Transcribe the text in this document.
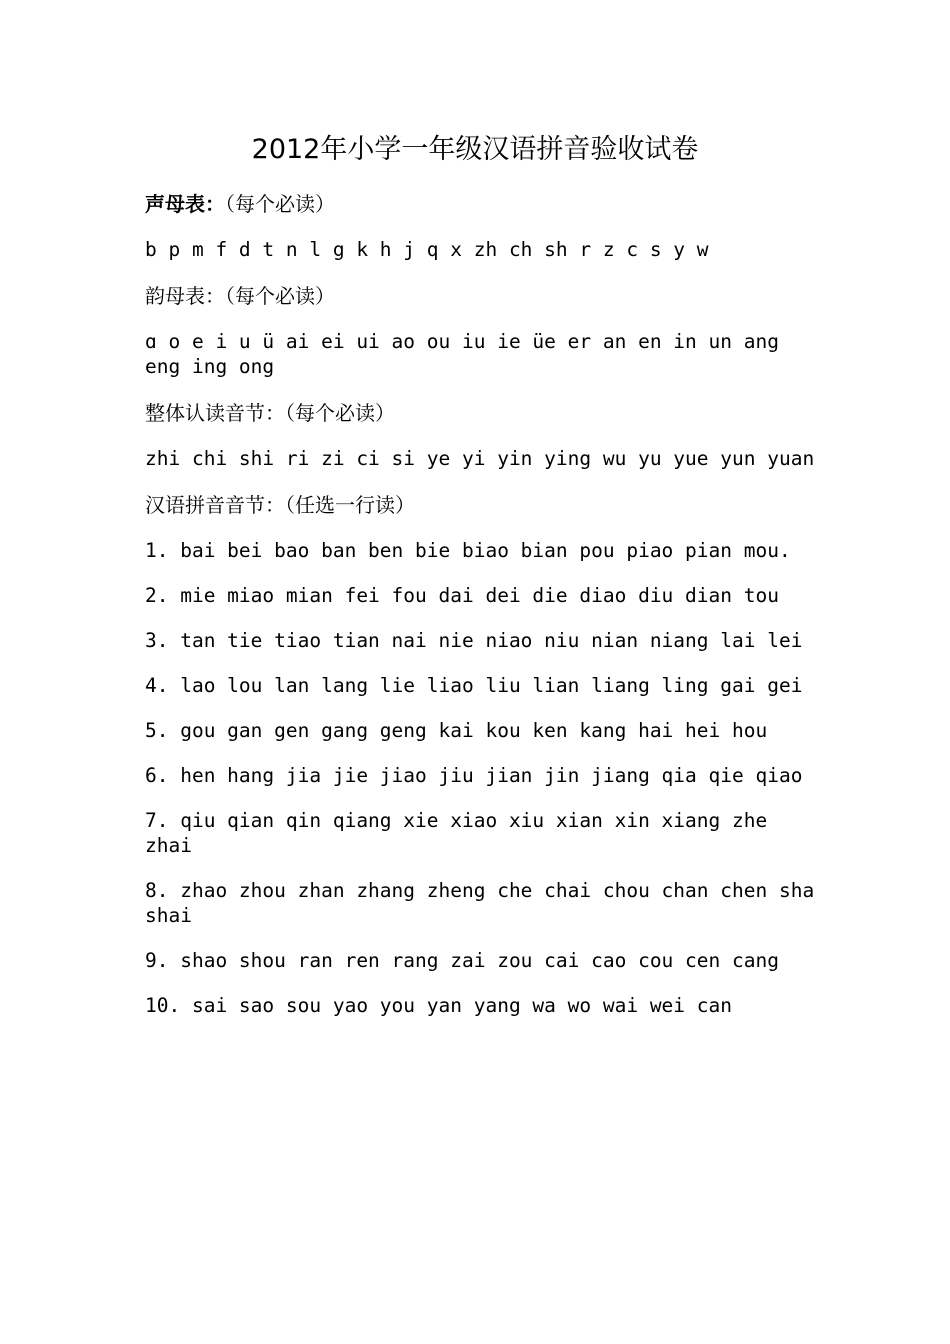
2012年小学一年级汉语拼音验收试卷

声母表：（每个必读）

b p m f d t n l g k h j q x zh ch sh r z c s y w

韵母表：（每个必读）

ɑ o e i u ü ai ei ui ao ou iu ie üe er an en in un ang eng ing ong

整体认读音节：（每个必读）

zhi chi shi ri zi ci si ye yi yin ying wu yu yue yun yuan

汉语拼音音节：（任选一行读）

1. bai bei bao ban ben bie biao bian pou piao pian mou.

2. mie miao mian fei fou dai dei die diao diu dian tou

3. tan tie tiao tian nai nie niao niu nian niang lai lei

4. lao lou lan lang lie liao liu lian liang ling gai gei

5. gou gan gen gang geng kai kou ken kang hai hei hou

6. hen hang jia jie jiao jiu jian jin jiang qia qie qiao

7. qiu qian qin qiang xie xiao xiu xian xin xiang zhe zhai

8. zhao zhou zhan zhang zheng che chai chou chan chen sha shai

9. shao shou ran ren rang zai zou cai cao cou cen cang

10. sai sao sou yao you yan yang wa wo wai wei can
